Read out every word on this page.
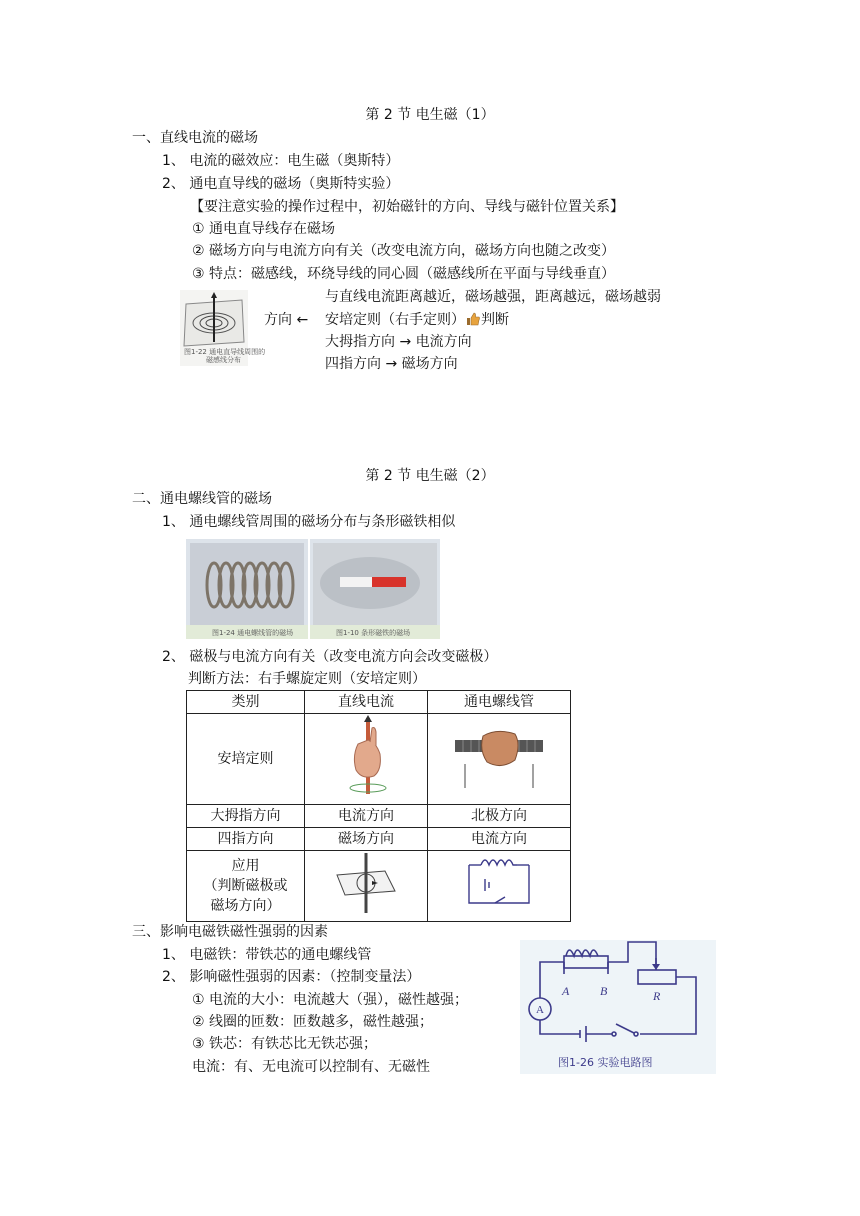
第 2 节 电生磁（1）
一、直线电流的磁场
1、 电流的磁效应：电生磁（奥斯特）
2、 通电直导线的磁场（奥斯特实验）
【要注意实验的操作过程中，初始磁针的方向、导线与磁针位置关系】
① 通电直导线存在磁场
② 磁场方向与电流方向有关（改变电流方向，磁场方向也随之改变）
③ 特点：磁感线，环绕导线的同心圆（磁感线所在平面与导线垂直）
图1-22 通电直导线周围的
磁感线分布
方向 ←
与直线电流距离越近，磁场越强，距离越远，磁场越弱
安培定则（右手定则） 判断
大拇指方向 → 电流方向
四指方向 → 磁场方向
第 2 节 电生磁（2）
二、通电螺线管的磁场
1、 通电螺线管周围的磁场分布与条形磁铁相似
图1-24 通电螺线管的磁场	图1-10 条形磁铁的磁场
2、 磁极与电流方向有关（改变电流方向会改变磁极）
判断方法：右手螺旋定则（安培定则）
类别	直线电流	通电螺线管
安培定则		
大拇指方向	电流方向	北极方向
四指方向	磁场方向	电流方向

应用
（判断磁极或
磁场方向）

三、影响电磁铁磁性强弱的因素
1、 电磁铁：带铁芯的通电螺线管
2、 影响磁性强弱的因素：（控制变量法）
① 电流的大小：电流越大（强），磁性越强；
② 线圈的匝数：匝数越多，磁性越强；
③ 铁芯：有铁芯比无铁芯强；
电流：有、无电流可以控制有、无磁性
A
A	B	R
图1-26 实验电路图
